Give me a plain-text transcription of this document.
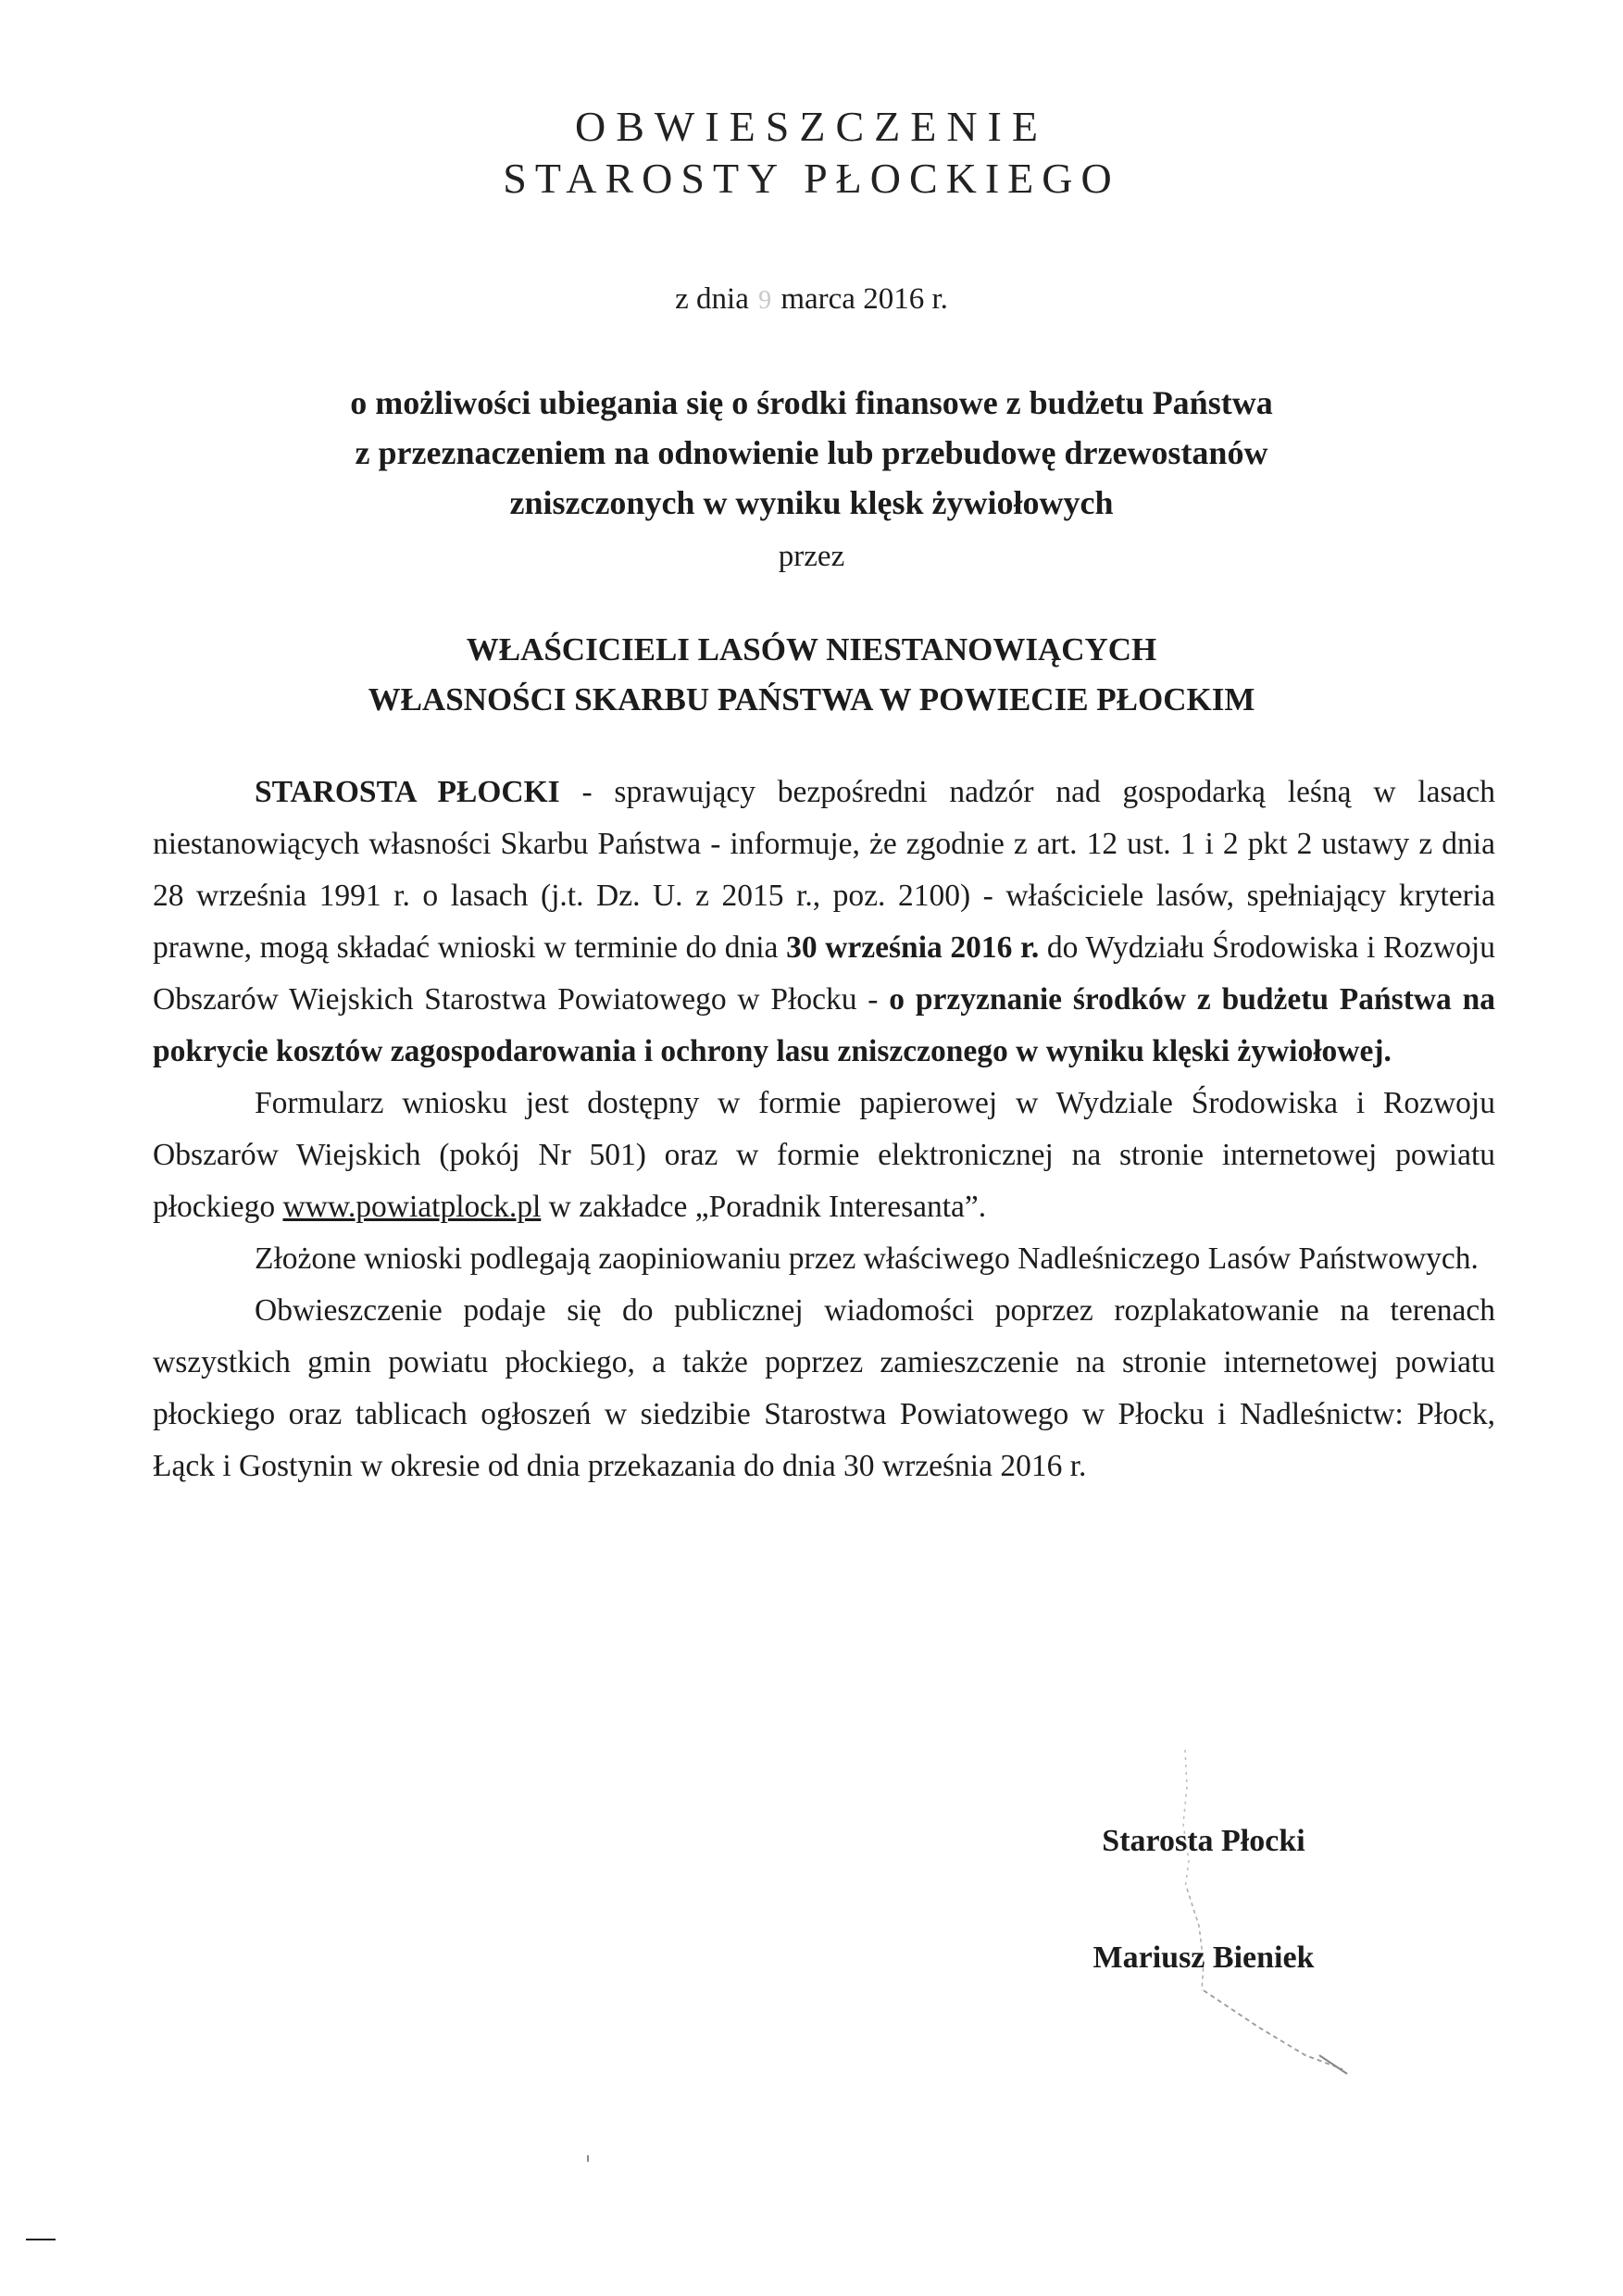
OBWIESZCZENIE
STAROSTY PŁOCKIEGO
z dnia 9 marca 2016 r.
o możliwości ubiegania się o środki finansowe z budżetu Państwa
z przeznaczeniem na odnowienie lub przebudowę drzewostanów
zniszczonych w wyniku klęsk żywiołowych
przez
WŁAŚCICIELI LASÓW NIESTANOWIĄCYCH
WŁASNOŚCI SKARBU PAŃSTWA W POWIECIE PŁOCKIM

STAROSTA PŁOCKI - sprawujący bezpośredni nadzór nad gospodarką leśną w lasach niestanowiących własności Skarbu Państwa - informuje, że zgodnie z art. 12 ust. 1 i 2 pkt 2 ustawy z dnia 28 września 1991 r. o lasach (j.t. Dz. U. z 2015 r., poz. 2100) - właściciele lasów, spełniający kryteria prawne, mogą składać wnioski w terminie do dnia 30 września 2016 r. do Wydziału Środowiska i Rozwoju Obszarów Wiejskich Starostwa Powiatowego w Płocku - o przyznanie środków z budżetu Państwa na pokrycie kosztów zagospodarowania i ochrony lasu zniszczonego w wyniku klęski żywiołowej.

Formularz wniosku jest dostępny w formie papierowej w Wydziale Środowiska i Rozwoju Obszarów Wiejskich (pokój Nr 501) oraz w formie elektronicznej na stronie internetowej powiatu płockiego www.powiatplock.pl w zakładce „Poradnik Interesanta”.

Złożone wnioski podlegają zaopiniowaniu przez właściwego Nadleśniczego Lasów Państwowych.

Obwieszczenie podaje się do publicznej wiadomości poprzez rozplakatowanie na terenach wszystkich gmin powiatu płockiego, a także poprzez zamieszczenie na stronie internetowej powiatu płockiego oraz tablicach ogłoszeń w siedzibie Starostwa Powiatowego w Płocku i Nadleśnictw: Płock, Łąck i Gostynin w okresie od dnia przekazania do dnia 30 września 2016 r.

Starosta Płocki
Mariusz Bieniek
